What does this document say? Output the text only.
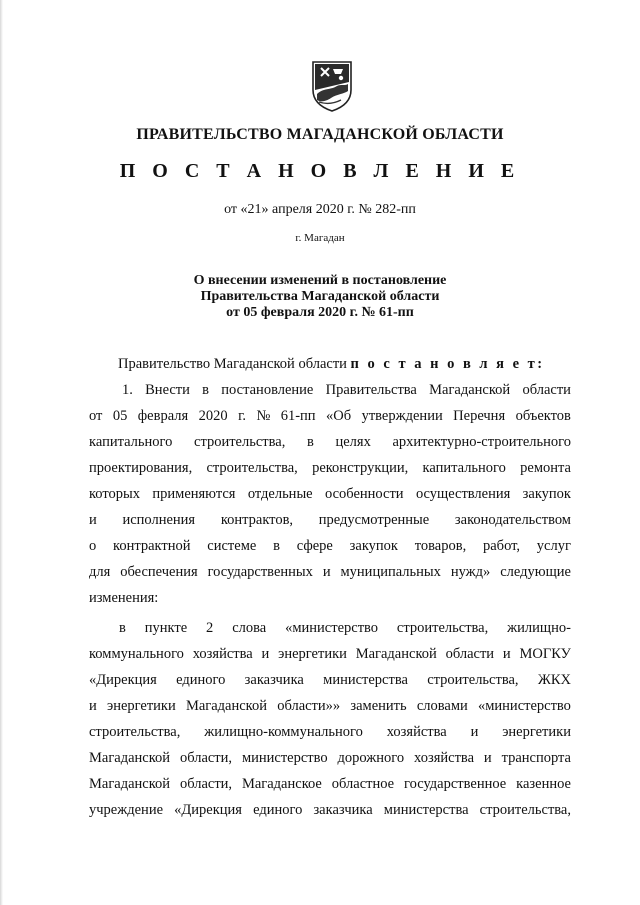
ПРАВИТЕЛЬСТВО МАГАДАНСКОЙ ОБЛАСТИ
П О С Т А Н О В Л Е Н И Е
от «21» апреля 2020 г. № 282-пп
г. Магадан
О внесении изменений в постановление
Правительства Магаданской области
от 05 февраля 2020 г. № 61-пп
Правительство Магаданской области п о с т а н о в л я е т:
1. Внести в постановление Правительства Магаданской области
от 05 февраля 2020 г. № 61-пп «Об утверждении Перечня объектов
капитального строительства, в целях архитектурно-строительного
проектирования, строительства, реконструкции, капитального ремонта
которых применяются отдельные особенности осуществления закупок
и исполнения контрактов, предусмотренные законодательством
о контрактной системе в сфере закупок товаров, работ, услуг
для обеспечения государственных и муниципальных нужд» следующие
изменения:
в пункте 2 слова «министерство строительства, жилищно-
коммунального хозяйства и энергетики Магаданской области и МОГКУ
«Дирекция единого заказчика министерства строительства, ЖКХ
и энергетики Магаданской области»» заменить словами «министерство
строительства, жилищно-коммунального хозяйства и энергетики
Магаданской области, министерство дорожного хозяйства и транспорта
Магаданской области, Магаданское областное государственное казенное
учреждение «Дирекция единого заказчика министерства строительства,
